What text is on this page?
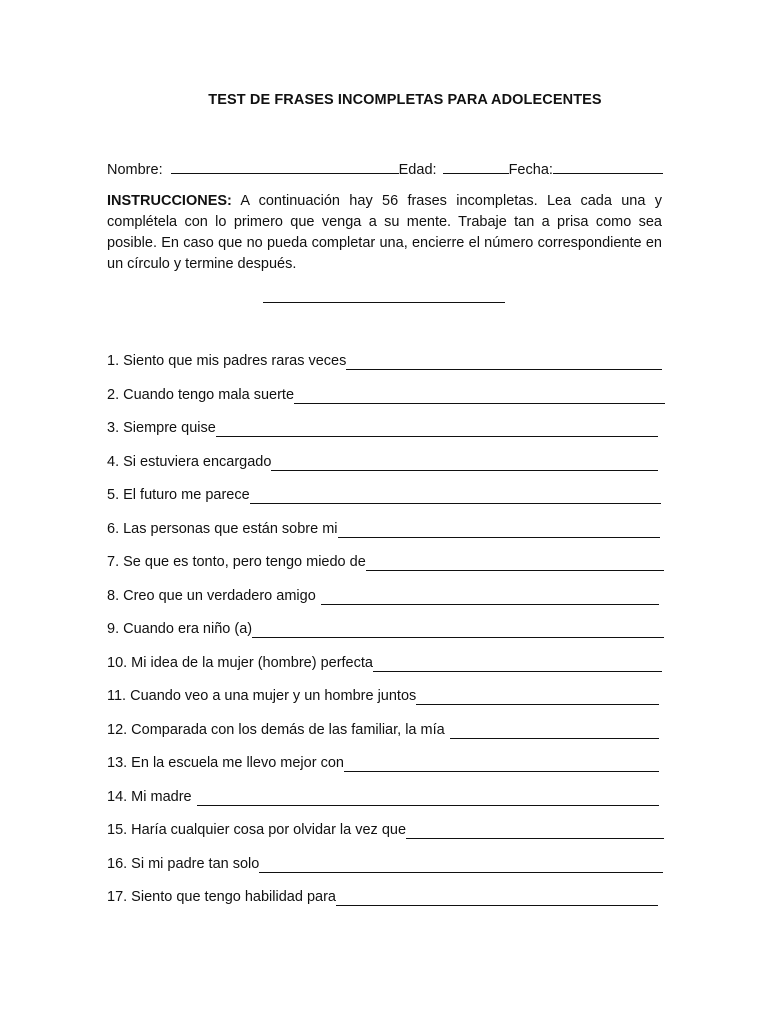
TEST DE FRASES INCOMPLETAS PARA ADOLECENTES
Nombre:	Edad:	Fecha:
INSTRUCCIONES: A continuación hay 56 frases incompletas. Lea cada una y complétela con lo primero que venga a su mente. Trabaje tan a prisa como sea posible. En caso que no pueda completar una, encierre el número correspondiente en un círculo y termine después.
1. Siento que mis padres raras veces
2. Cuando tengo mala suerte
3. Siempre quise
4. Si estuviera encargado
5. El futuro me parece
6. Las personas que están sobre mi
7. Se que es tonto, pero tengo miedo de
8. Creo que un verdadero amigo
9. Cuando era niño (a)
10. Mi idea de la mujer (hombre) perfecta
11. Cuando veo a una mujer y un hombre juntos
12. Comparada con los demás de las familiar, la mía
13. En la escuela me llevo mejor con
14. Mi madre
15. Haría cualquier cosa por olvidar la vez que
16. Si mi padre tan solo
17. Siento que tengo habilidad para
